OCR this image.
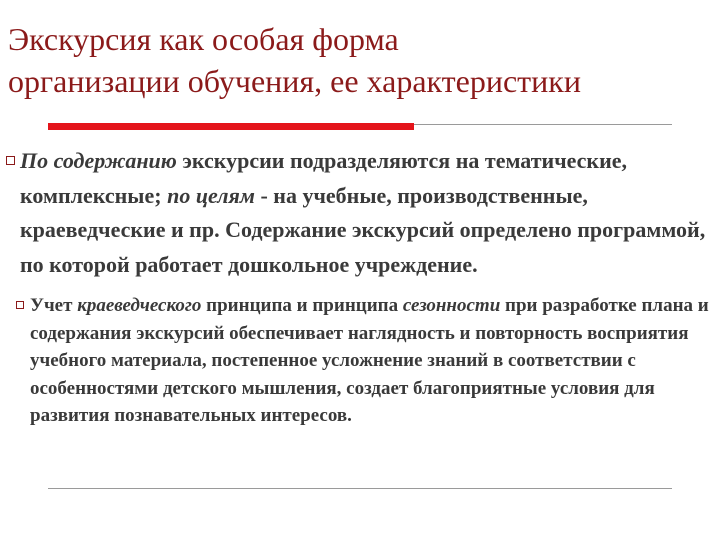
Экскурсия как особая форма
организации обучения, ее характеристики

По содержанию экскурсии подразделяются на тематические, комплексные; по целям - на учебные, производственные, краеведческие и пр. Содержание экскурсий определено программой, по которой работает дошкольное учреждение.

Учет краеведческого принципа и принципа сезонности при разработке плана и содержания экскурсий обеспечивает наглядность и повторность восприятия учебного материала, постепенное усложнение знаний в соответствии с особенностями детского мышления, создает благоприятные условия для развития познавательных интересов.
